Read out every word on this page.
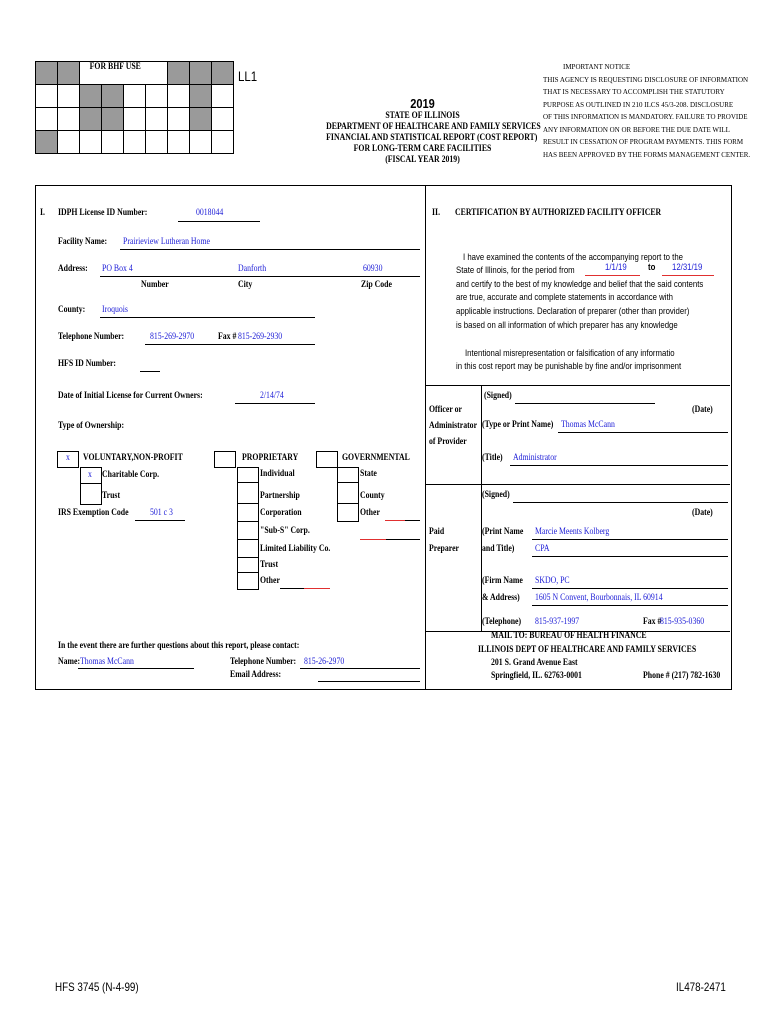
FOR BHF USE
LL1
2019
STATE OF ILLINOIS
DEPARTMENT OF HEALTHCARE AND FAMILY SERVICES
FINANCIAL AND STATISTICAL REPORT (COST REPORT)
FOR LONG-TERM CARE FACILITIES
(FISCAL YEAR 2019)
IMPORTANT NOTICE
THIS AGENCY IS REQUESTING DISCLOSURE OF INFORMATION
THAT IS NECESSARY TO ACCOMPLISH THE STATUTORY
PURPOSE AS OUTLINED IN 210 ILCS 45/3-208. DISCLOSURE
OF THIS INFORMATION IS MANDATORY. FAILURE TO PROVIDE
ANY INFORMATION ON OR BEFORE THE DUE DATE WILL
RESULT IN CESSATION OF PROGRAM PAYMENTS. THIS FORM
HAS BEEN APPROVED BY THE FORMS MANAGEMENT CENTER.
I. IDPH License ID Number:	0018044
Facility Name: Prairieview Lutheran Home
Address: PO Box 4	Danforth	60930
Number	City	Zip Code
County: Iroquois
Telephone Number:	815-269-2970	Fax # 815-269-2930
HFS ID Number:
Date of Initial License for Current Owners:	2/14/74
Type of Ownership:
x VOLUNTARY,NON-PROFIT
x Charitable Corp.
Trust
IRS Exemption Code 501 c 3
PROPRIETARY
Individual
Partnership
Corporation
"Sub-S" Corp.
Limited Liability Co.
Trust
Other
GOVERNMENTAL
State
County
Other
In the event there are further questions about this report, please contact:
Name: Thomas McCann	Telephone Number: 815-26-2970
Email Address:
II. CERTIFICATION BY AUTHORIZED FACILITY OFFICER
I have examined the contents of the accompanying report to the
State of Illinois, for the period from	1/1/19 to 12/31/19
and certify to the best of my knowledge and belief that the said contents
are true, accurate and complete statements in accordance with
applicable instructions. Declaration of preparer (other than provider)
is based on all information of which preparer has any knowledge
Intentional misrepresentation or falsification of any informatio
in this cost report may be punishable by fine and/or imprisonment
Officer or
Administrator
of Provider
(Signed)
(Date)
(Type or Print Name) Thomas McCann
(Title) Administrator
Paid
Preparer
(Signed)
(Date)
(Print Name
and Title)
Marcie Meents Kolberg
CPA
(Firm Name
& Address)
SKDO, PC
1605 N Convent, Bourbonnais, IL 60914
(Telephone) 815-937-1997	Fax #
815-935-0360
MAIL TO: BUREAU OF HEALTH FINANCE
ILLINOIS DEPT OF HEALTHCARE AND FAMILY SERVICES
201 S. Grand Avenue East
Springfield, IL. 62763-0001	Phone # (217) 782-1630
HFS 3745 (N-4-99)	IL478-2471
